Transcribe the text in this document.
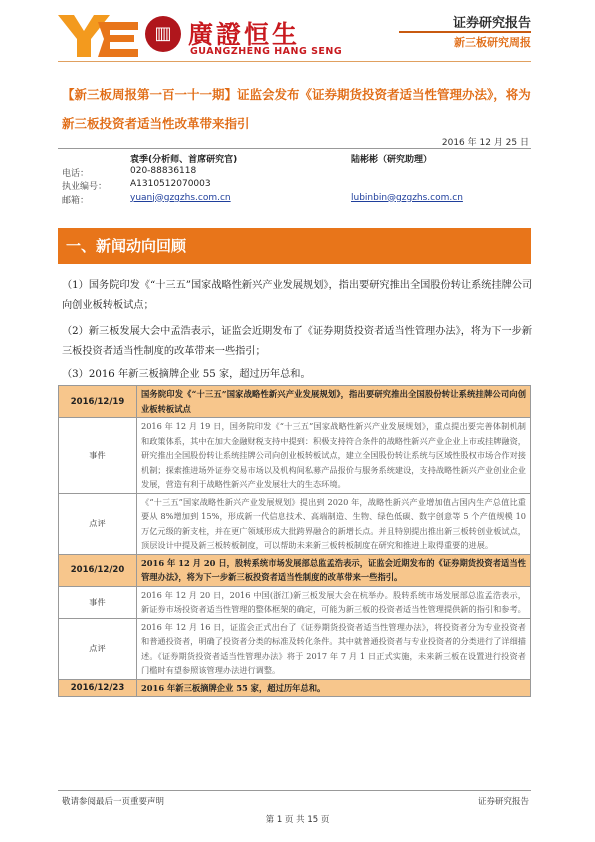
▥ 廣證恒生
GUANGZHENG HANG SENG
证券研究报告
新三板研究周报
【新三板周报第一百一十一期】证监会发布《证券期货投资者适当性管理办法》，将为新三板投资者适当性改革带来指引
2016 年 12 月 25 日
袁季(分析师、首席研究官)	陆彬彬（研究助理）
电话：	020-88836118
执业编号：	A1310512070003
邮箱：	yuanj@gzgzhs.com.cn	lubinbin@gzgzhs.com.cn
一、新闻动向回顾
（1）国务院印发《“十三五”国家战略性新兴产业发展规划》，指出要研究推出全国股份转让系统挂牌公司向创业板转板试点；
（2）新三板发展大会中孟浩表示，证监会近期发布了《证券期货投资者适当性管理办法》，将为下一步新三板投资者适当性制度的改革带来一些指引；
（3）2016 年新三板摘牌企业 55 家，超过历年总和。
2016/12/19	国务院印发《“十三五”国家战略性新兴产业发展规划》，指出要研究推出全国股份转让系统挂牌公司向创业板转板试点
事件	2016 年 12 月 19 日，国务院印发《“十三五”国家战略性新兴产业发展规划》，重点提出要完善体制机制和政策体系，其中在加大金融财税支持中提到：积极支持符合条件的战略性新兴产业企业上市或挂牌融资，研究推出全国股份转让系统挂牌公司向创业板转板试点，建立全国股份转让系统与区域性股权市场合作对接机制；探索推进场外证券交易市场以及机构间私募产品报价与服务系统建设，支持战略性新兴产业创业企业发展，营造有利于战略性新兴产业发展壮大的生态环境。
点评	《“十三五”国家战略性新兴产业发展规划》提出到 2020 年，战略性新兴产业增加值占国内生产总值比重要从 8%增加到 15%，形成新一代信息技术、高端制造、生物、绿色低碳、数字创意等 5 个产值规模 10 万亿元级的新支柱，并在更广领域形成大批跨界融合的新增长点。并且特别提出推出新三板转创业板试点，顶层设计中提及新三板转板制度，可以帮助未来新三板转板制度在研究和推进上取得重要的进展。
2016/12/20	2016 年 12 月 20 日，股转系统市场发展部总监孟浩表示，证监会近期发布的《证券期货投资者适当性管理办法》，将为下一步新三板投资者适当性制度的改革带来一些指引。
事件	2016 年 12 月 20 日，2016 中国(浙江)新三板发展大会在杭举办。股转系统市场发展部总监孟浩表示，新证券市场投资者适当性管理的整体框架的确定，可能为新三板的投资者适当性管理提供新的指引和参考。
点评	2016 年 12 月 16 日，证监会正式出台了《证券期货投资者适当性管理办法》，将投资者分为专业投资者和普通投资者，明确了投资者分类的标准及转化条件。其中就普通投资者与专业投资者的分类进行了详细描述。《证券期货投资者适当性管理办法》将于 2017 年 7 月 1 日正式实施，未来新三板在设置进行投资者门槛时有望参照该管理办法进行调整。
2016/12/23	2016 年新三板摘牌企业 55 家，超过历年总和。
敬请参阅最后一页重要声明	证券研究报告
第 1 页 共 15 页
